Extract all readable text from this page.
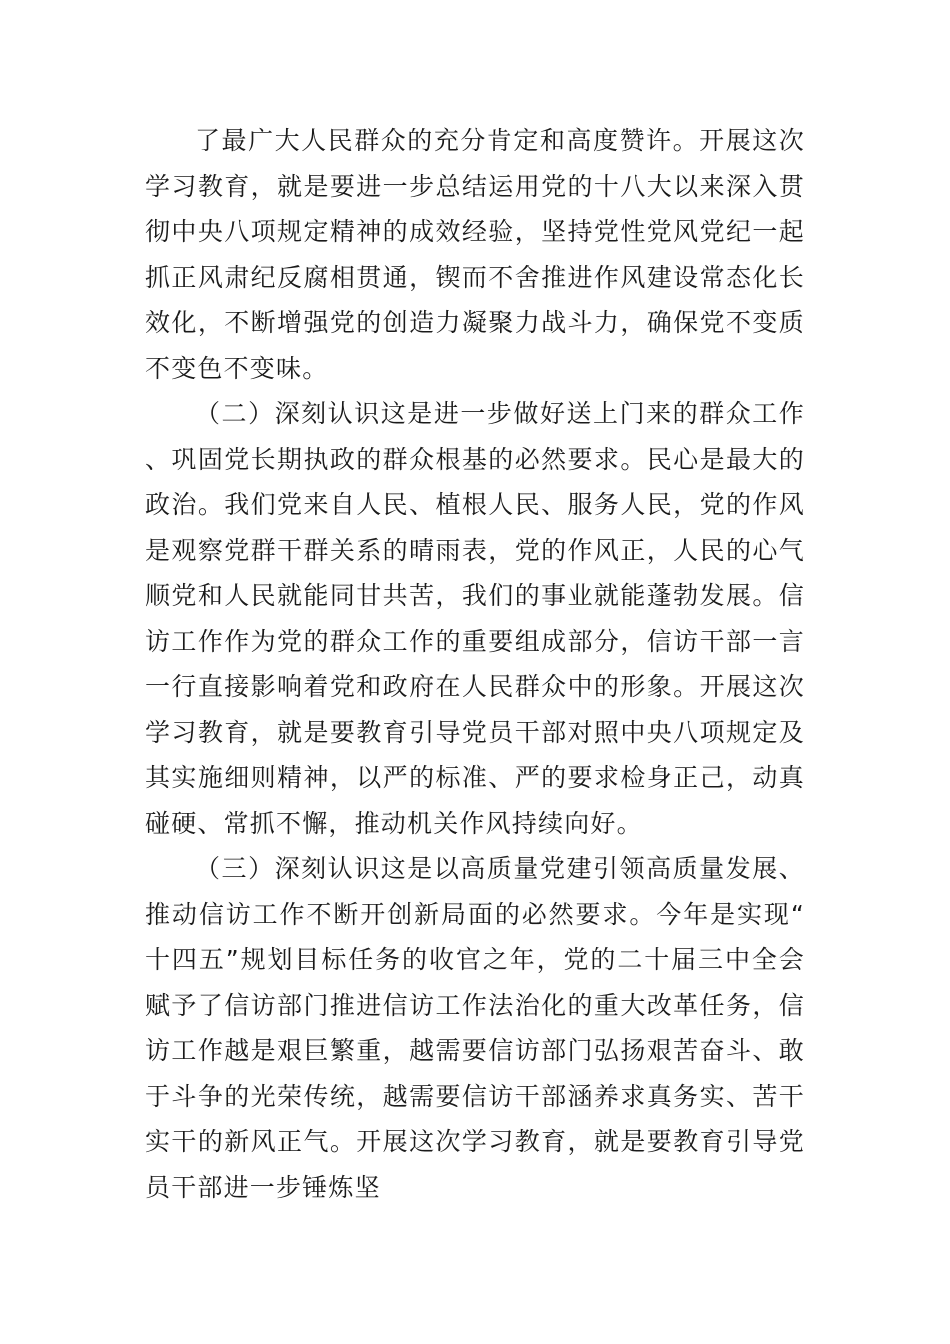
了最广大人民群众的充分肯定和高度赞许。开展这次学习教育，就是要进一步总结运用党的十八大以来深入贯彻中央八项规定精神的成效经验，坚持党性党风党纪一起抓正风肃纪反腐相贯通，锲而不舍推进作风建设常态化长效化，不断增强党的创造力凝聚力战斗力，确保党不变质不变色不变味。

（二）深刻认识这是进一步做好送上门来的群众工作、巩固党长期执政的群众根基的必然要求。民心是最大的政治。我们党来自人民、植根人民、服务人民，党的作风是观察党群干群关系的晴雨表，党的作风正，人民的心气顺党和人民就能同甘共苦，我们的事业就能蓬勃发展。信访工作作为党的群众工作的重要组成部分，信访干部一言一行直接影响着党和政府在人民群众中的形象。开展这次学习教育，就是要教育引导党员干部对照中央八项规定及其实施细则精神，以严的标准、严的要求检身正己，动真碰硬、常抓不懈，推动机关作风持续向好。

（三）深刻认识这是以高质量党建引领高质量发展、推动信访工作不断开创新局面的必然要求。今年是实现“十四五”规划目标任务的收官之年，党的二十届三中全会赋予了信访部门推进信访工作法治化的重大改革任务，信访工作越是艰巨繁重，越需要信访部门弘扬艰苦奋斗、敢于斗争的光荣传统，越需要信访干部涵养求真务实、苦干实干的新风正气。开展这次学习教育，就是要教育引导党员干部进一步锤炼坚
